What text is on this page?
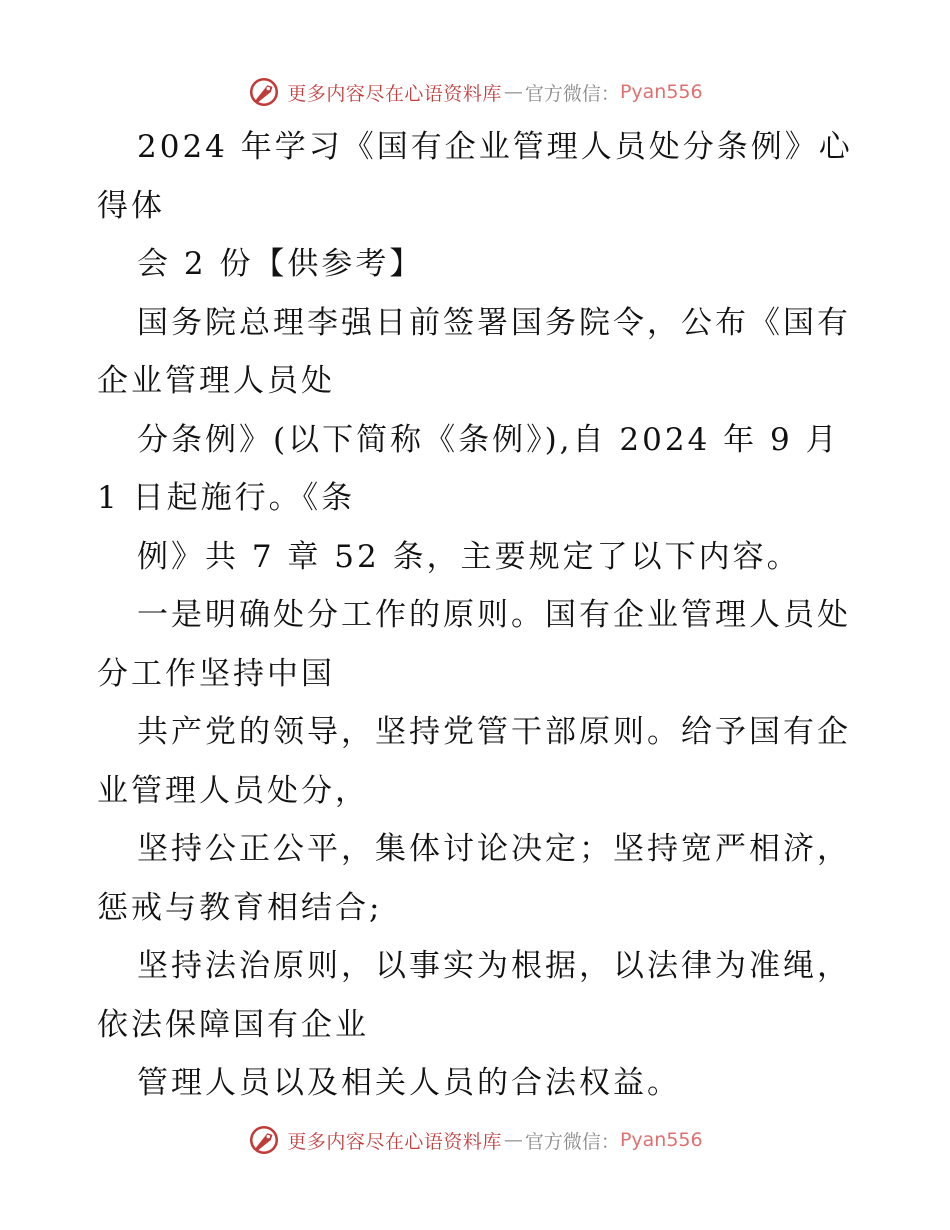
更多内容尽在心语资料库 — 官方微信： Pyan556
2024 年学习《国有企业管理人员处分条例》心
得体
会 2 份【供参考】
国务院总理李强日前签署国务院令，公布《国有
企业管理人员处
分条例》(以下简称《条例》),自 2024 年 9 月
1 日起施行。《条
例》共 7 章 52 条，主要规定了以下内容。
一是明确处分工作的原则。国有企业管理人员处
分工作坚持中国
共产党的领导，坚持党管干部原则。给予国有企
业管理人员处分，
坚持公正公平，集体讨论决定；坚持宽严相济，
惩戒与教育相结合;
坚持法治原则，以事实为根据，以法律为准绳，
依法保障国有企业
管理人员以及相关人员的合法权益。
更多内容尽在心语资料库 — 官方微信： Pyan556
